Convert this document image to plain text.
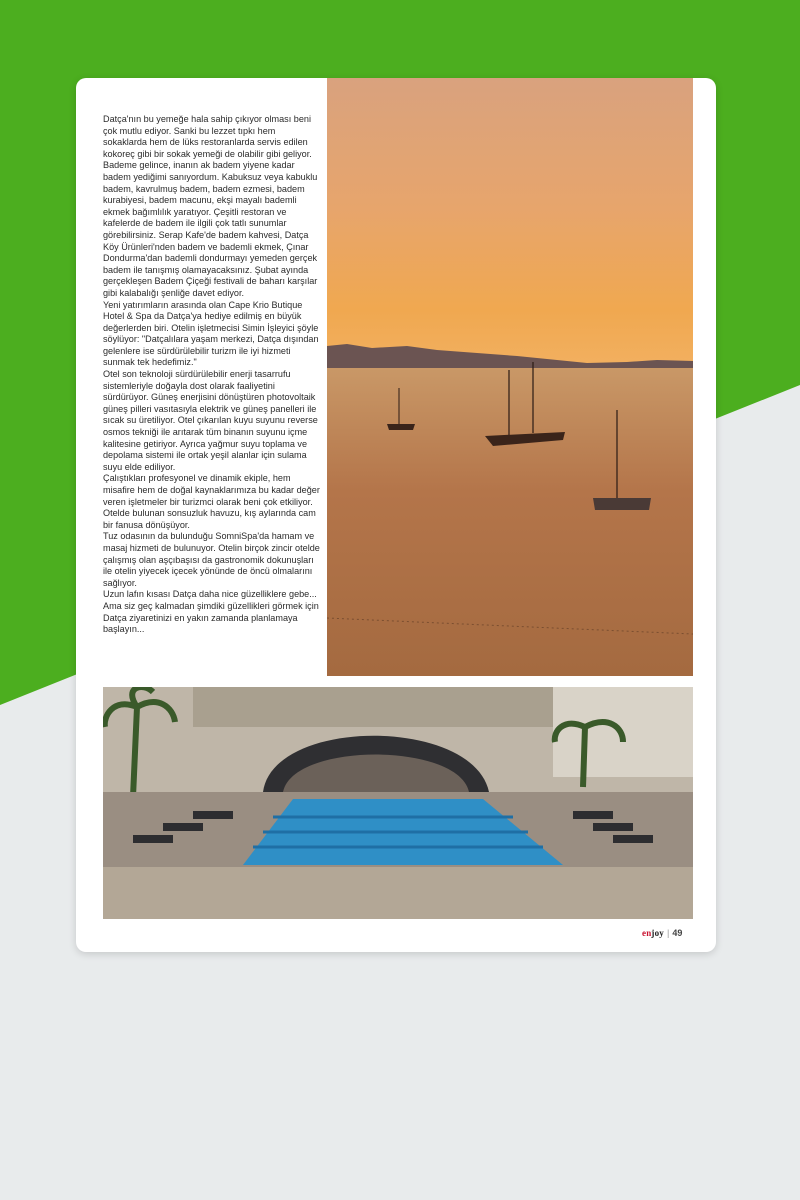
Datça'nın bu yemeğe hala sahip çıkıyor olması beni çok mutlu ediyor. Sanki bu lezzet tıpkı hem sokaklarda hem de lüks restoranlarda servis edilen kokoreç gibi bir sokak yemeği de olabilir gibi geliyor.

Bademe gelince, inanın ak badem yiyene kadar badem yediğimi sanıyordum. Kabuksuz veya kabuklu badem, kavrulmuş badem, badem ezmesi, badem kurabiyesi, badem macunu, ekşi mayalı bademli ekmek bağımlılık yaratıyor. Çeşitli restoran ve kafelerde de badem ile ilgili çok tatlı sunumlar görebilirsiniz. Serap Kafe'de badem kahvesi, Datça Köy Ürünleri'nden badem ve bademli ekmek, Çınar Dondurma'dan bademli dondurmayı yemeden gerçek badem ile tanışmış olamayacaksınız. Şubat ayında gerçekleşen Badem Çiçeği festivali de baharı karşılar gibi kalabalığı şenliğe davet ediyor.

Yeni yatırımların arasında olan Cape Krio Butique Hotel & Spa da Datça'ya hediye edilmiş en büyük değerlerden biri. Otelin işletmecisi Simin İşleyici şöyle söylüyor: "Datçalılara yaşam merkezi, Datça dışından gelenlere ise sürdürülebilir turizm ile iyi hizmeti sunmak tek hedefimiz."

Otel son teknoloji sürdürülebilir enerji tasarrufu sistemleriyle doğayla dost olarak faaliyetini sürdürüyor. Güneş enerjisini dönüştüren photovoltaik güneş pilleri vasıtasıyla elektrik ve güneş panelleri ile sıcak su üretiliyor. Otel çıkarılan kuyu suyunu reverse osmos tekniği ile arıtarak tüm binanın suyunu içme kalitesine getiriyor. Ayrıca yağmur suyu toplama ve depolama sistemi ile ortak yeşil alanlar için sulama suyu elde ediliyor.

Çalıştıkları profesyonel ve dinamik ekiple, hem misafire hem de doğal kaynaklarımıza bu kadar değer veren işletmeler bir turizmci olarak beni çok etkiliyor. Otelde bulunan sonsuzluk havuzu, kış aylarında cam bir fanusa dönüşüyor.

Tuz odasının da bulunduğu SomniSpa'da hamam ve masaj hizmeti de bulunuyor. Otelin birçok zincir otelde çalışmış olan aşçıbaşısı da gastronomik dokunuşları ile otelin yiyecek içecek yönünde de öncü olmalarını sağlıyor.

Uzun lafın kısası Datça daha nice güzelliklere gebe... Ama siz geç kalmadan şimdiki güzellikleri görmek için Datça ziyaretinizi en yakın zamanda planlamaya başlayın...

enjoy | 49
